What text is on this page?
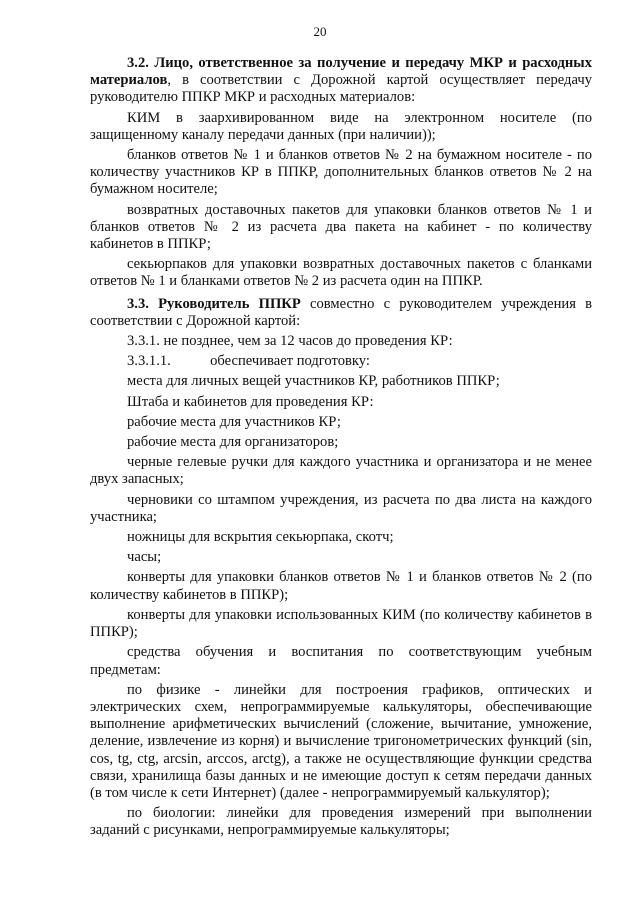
20

3.2. Лицо, ответственное за получение и передачу МКР и расходных материалов, в соответствии с Дорожной картой осуществляет передачу руководителю ППКР МКР и расходных материалов:

КИМ в заархивированном виде на электронном носителе (по защищенному каналу передачи данных (при наличии));

бланков ответов № 1 и бланков ответов № 2 на бумажном носителе - по количеству участников КР в ППКР, дополнительных бланков ответов № 2 на бумажном носителе;

возвратных доставочных пакетов для упаковки бланков ответов № 1 и бланков ответов № 2 из расчета два пакета на кабинет - по количеству кабинетов в ППКР;

секьюрпаков для упаковки возвратных доставочных пакетов с бланками ответов № 1 и бланками ответов № 2 из расчета один на ППКР.

3.3. Руководитель ППКР совместно с руководителем учреждения в соответствии с Дорожной картой:

3.3.1. не позднее, чем за 12 часов до проведения КР:

3.3.1.1.	обеспечивает подготовку:

места для личных вещей участников КР, работников ППКР;

Штаба и кабинетов для проведения КР:

рабочие места для участников КР;

рабочие места для организаторов;

черные гелевые ручки для каждого участника и организатора и не менее двух запасных;

черновики со штампом учреждения, из расчета по два листа на каждого участника;

ножницы для вскрытия секьюрпака, скотч;

часы;

конверты для упаковки бланков ответов № 1 и бланков ответов № 2 (по количеству кабинетов в ППКР);

конверты для упаковки использованных КИМ (по количеству кабинетов в ППКР);

средства обучения и воспитания по соответствующим учебным предметам:

по физике - линейки для построения графиков, оптических и электрических схем, непрограммируемые калькуляторы, обеспечивающие выполнение арифметических вычислений (сложение, вычитание, умножение, деление, извлечение из корня) и вычисление тригонометрических функций (sin, cos, tg, ctg, arcsin, arccos, arctg), а также не осуществляющие функции средства связи, хранилища базы данных и не имеющие доступ к сетям передачи данных (в том числе к сети Интернет) (далее - непрограммируемый калькулятор);

по биологии: линейки для проведения измерений при выполнении заданий с рисунками, непрограммируемые калькуляторы;
